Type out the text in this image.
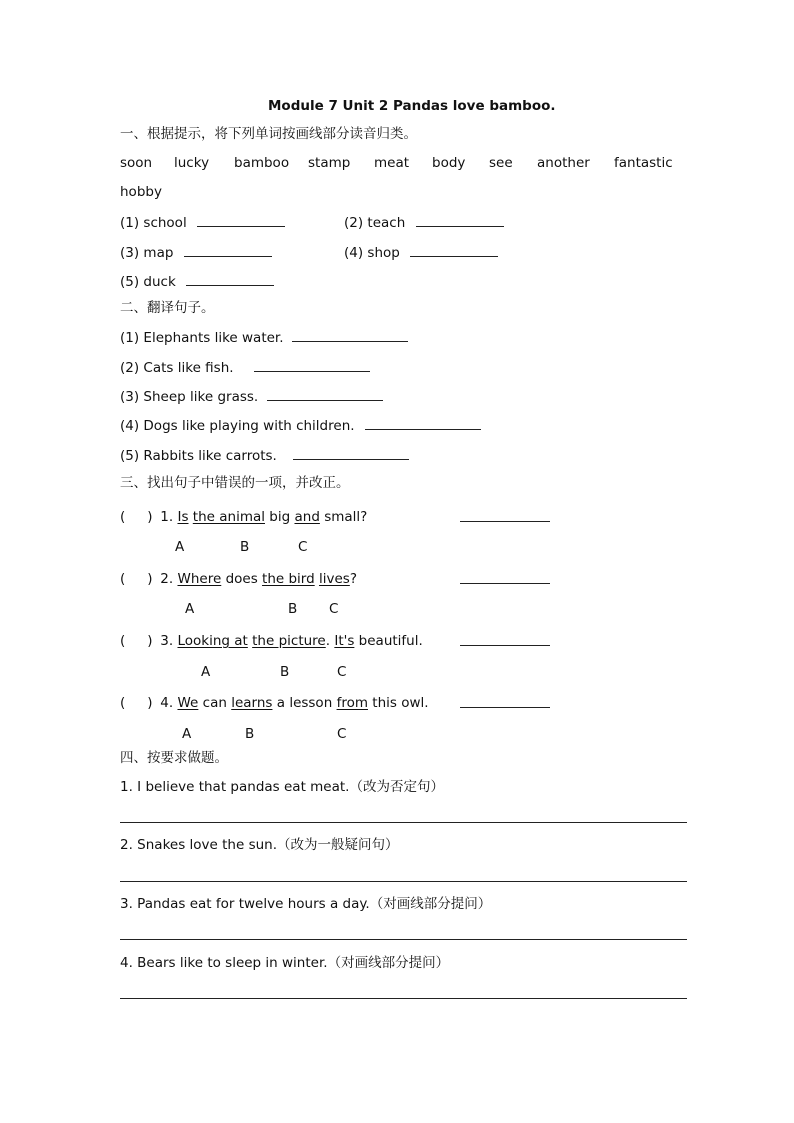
Module 7 Unit 2 Pandas love bamboo.
一、根据提示，将下列单词按画线部分读音归类。
soon lucky bamboo stamp meat body see another fantastic
hobby
(1) school	(2) teach
(3) map	(4) shop
(5) duck
二、翻译句子。
(1) Elephants like water.
(2) Cats like fish.
(3) Sheep like grass.
(4) Dogs like playing with children.
(5) Rabbits like carrots.
三、找出句子中错误的一项，并改正。
( ) 1. Is the animal big and small?
A	B	C
( ) 2. Where does the bird lives?
A	B C
( ) 3. Looking at the picture. It's beautiful.
A	B	C
( ) 4. We can learns a lesson from this owl.
A	B	C
四、按要求做题。
1. I believe that pandas eat meat.（改为否定句）
2. Snakes love the sun.（改为一般疑问句）
3. Pandas eat for twelve hours a day.（对画线部分提问）
4. Bears like to sleep in winter.（对画线部分提问）
